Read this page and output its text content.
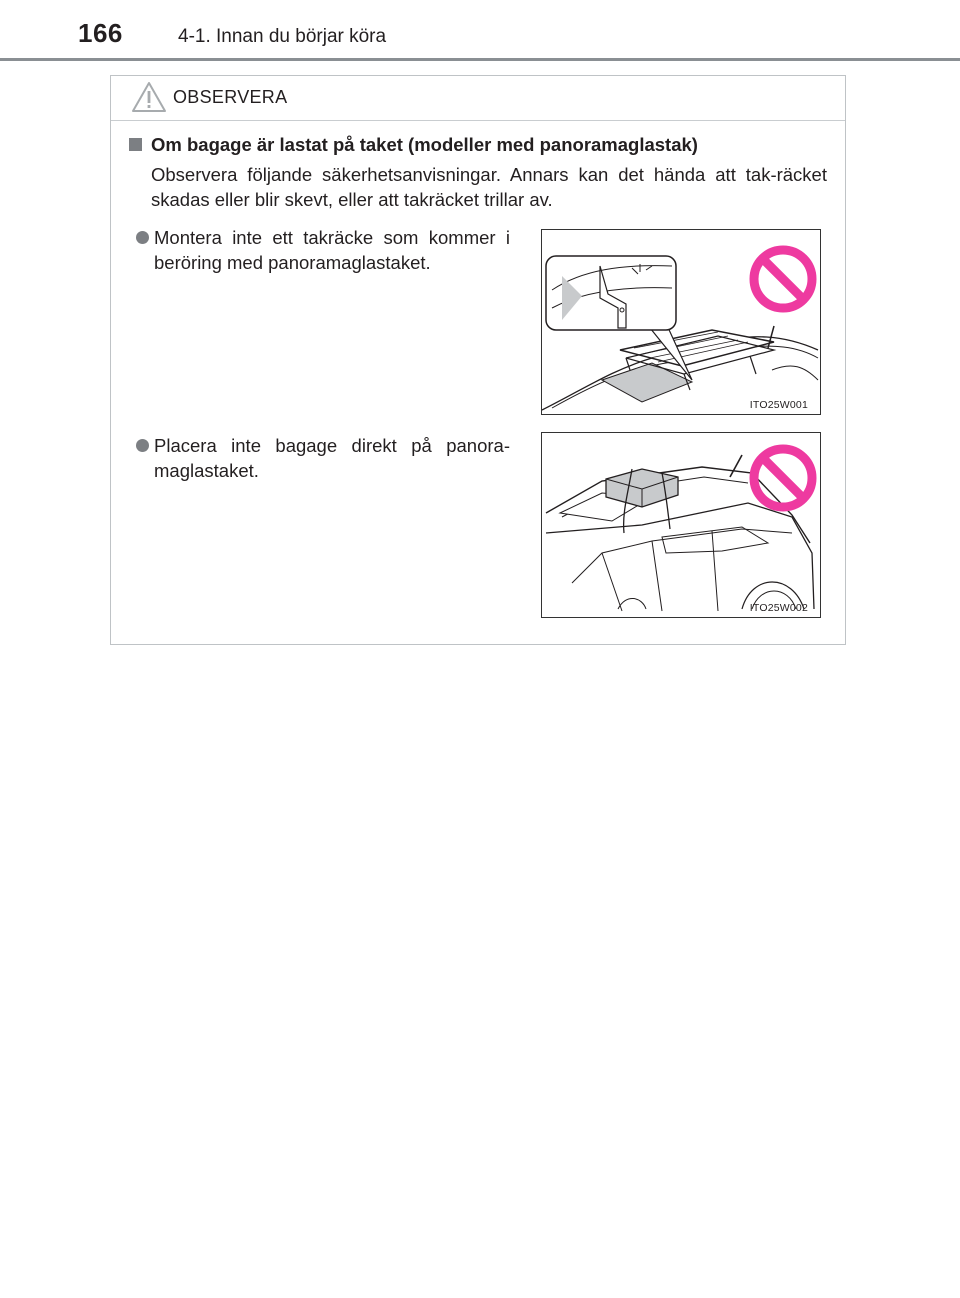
166	4-1. Innan du börjar köra
OBSERVERA
Om bagage är lastat på taket (modeller med panoramaglastak)
Observera följande säkerhetsanvisningar. Annars kan det hända att tak-räcket skadas eller blir skevt, eller att takräcket trillar av.
Montera inte ett takräcke som kommer i beröring med panoramaglastaket.
Placera inte bagage direkt på panora-maglastaket.
ITO25W001
ITO25W002
